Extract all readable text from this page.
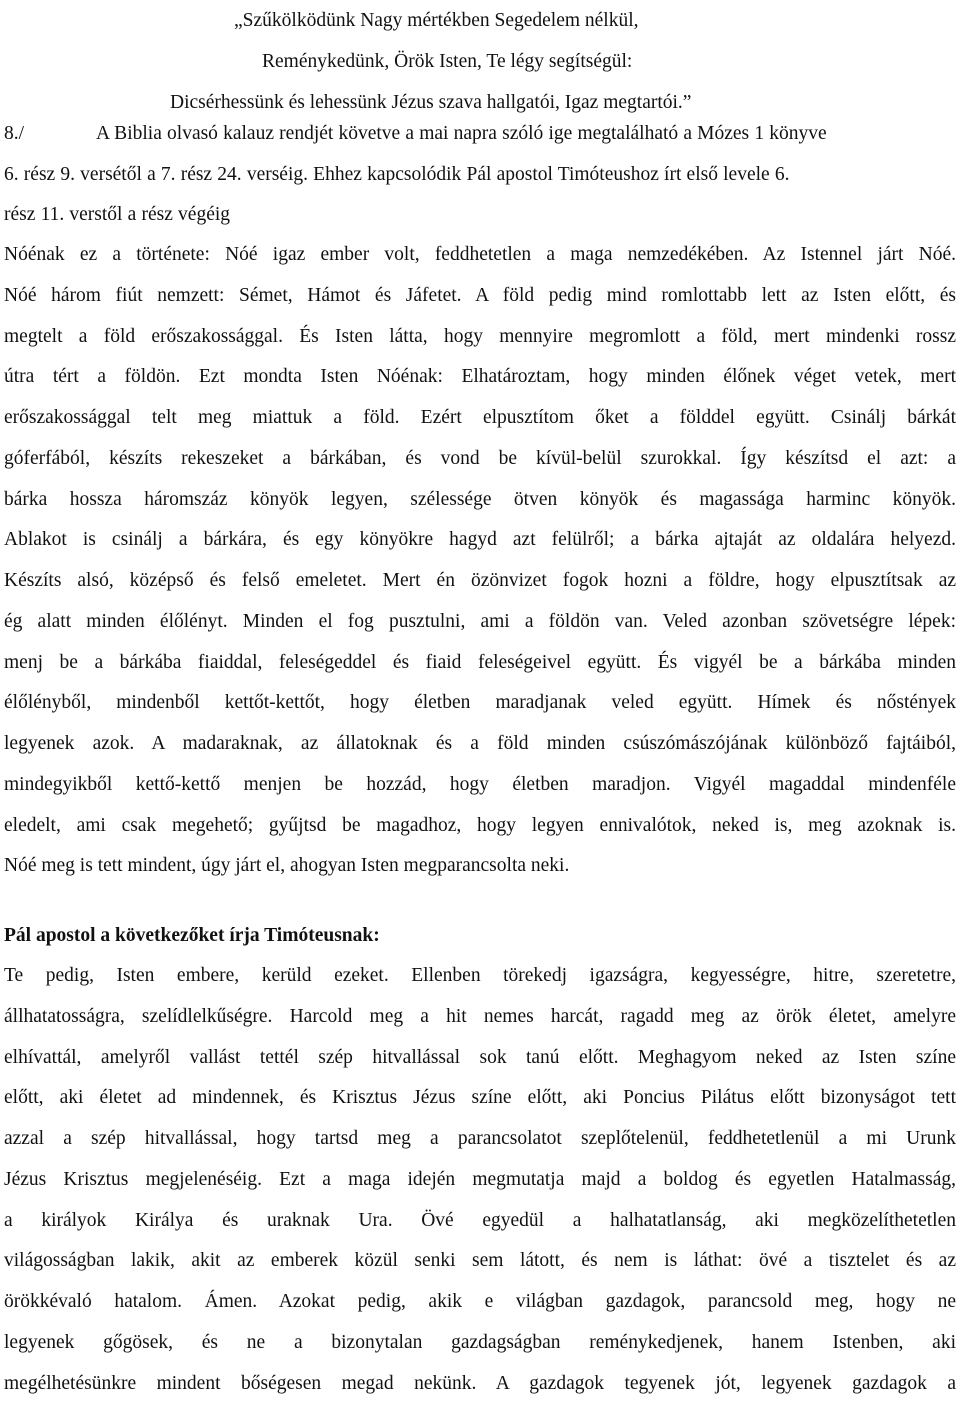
„Szűkölködünk Nagy mértékben Segedelem nélkül,
Reménykedünk, Örök Isten, Te légy segítségül:
Dicsérhessünk és lehessünk Jézus szava hallgatói, Igaz megtartói.”
8./	A Biblia olvasó kalauz rendjét követve a mai napra szóló ige megtalálható a Mózes 1 könyve
6. rész 9. versétől a 7. rész 24. verséig. Ehhez kapcsolódik Pál apostol Timóteushoz írt első levele 6.
rész 11. verstől a rész végéig
Nóénak ez a története: Nóé igaz ember volt, feddhetetlen a maga nemzedékében. Az Istennel járt Nóé.
Nóé három fiút nemzett: Sémet, Hámot és Jáfetet. A föld pedig mind romlottabb lett az Isten előtt, és
megtelt a föld erőszakossággal. És Isten látta, hogy mennyire megromlott a föld, mert mindenki rossz
útra tért a földön. Ezt mondta Isten Nóénak: Elhatároztam, hogy minden élőnek véget vetek, mert
erőszakossággal telt meg miattuk a föld. Ezért elpusztítom őket a földdel együtt. Csinálj bárkát
góferfából, készíts rekeszeket a bárkában, és vond be kívül-belül szurokkal. Így készítsd el azt: a
bárka hossza háromszáz könyök legyen, szélessége ötven könyök és magassága harminc könyök.
Ablakot is csinálj a bárkára, és egy könyökre hagyd azt felülről; a bárka ajtaját az oldalára helyezd.
Készíts alsó, középső és felső emeletet. Mert én özönvizet fogok hozni a földre, hogy elpusztítsak az
ég alatt minden élőlényt. Minden el fog pusztulni, ami a földön van. Veled azonban szövetségre lépek:
menj be a bárkába fiaiddal, feleségeddel és fiaid feleségeivel együtt. És vigyél be a bárkába minden
élőlényből, mindenből kettőt-kettőt, hogy életben maradjanak veled együtt. Hímek és nőstények
legyenek azok. A madaraknak, az állatoknak és a föld minden csúszómászójának különböző fajtáiból,
mindegyikből kettő-kettő menjen be hozzád, hogy életben maradjon. Vigyél magaddal mindenféle
eledelt, ami csak megehető; gyűjtsd be magadhoz, hogy legyen ennivalótok, neked is, meg azoknak is.
Nóé meg is tett mindent, úgy járt el, ahogyan Isten megparancsolta neki.
Pál apostol a következőket írja Timóteusnak:
Te pedig, Isten embere, kerüld ezeket. Ellenben törekedj igazságra, kegyességre, hitre, szeretetre,
állhatatosságra, szelídlelkűségre. Harcold meg a hit nemes harcát, ragadd meg az örök életet, amelyre
elhívattál, amelyről vallást tettél szép hitvallással sok tanú előtt. Meghagyom neked az Isten színe
előtt, aki életet ad mindennek, és Krisztus Jézus színe előtt, aki Poncius Pilátus előtt bizonyságot tett
azzal a szép hitvallással, hogy tartsd meg a parancsolatot szeplőtelenül, feddhetetlenül a mi Urunk
Jézus Krisztus megjelenéséig. Ezt a maga idején megmutatja majd a boldog és egyetlen Hatalmasság,
a királyok Királya és uraknak Ura. Övé egyedül a halhatatlanság, aki megközelíthetetlen
világosságban lakik, akit az emberek közül senki sem látott, és nem is láthat: övé a tisztelet és az
örökkévaló hatalom. Ámen. Azokat pedig, akik e világban gazdagok, parancsold meg, hogy ne
legyenek gőgösek, és ne a bizonytalan gazdagságban reménykedjenek, hanem Istenben, aki
megélhetésünkre mindent bőségesen megad nekünk. A gazdagok tegyenek jót, legyenek gazdagok a
